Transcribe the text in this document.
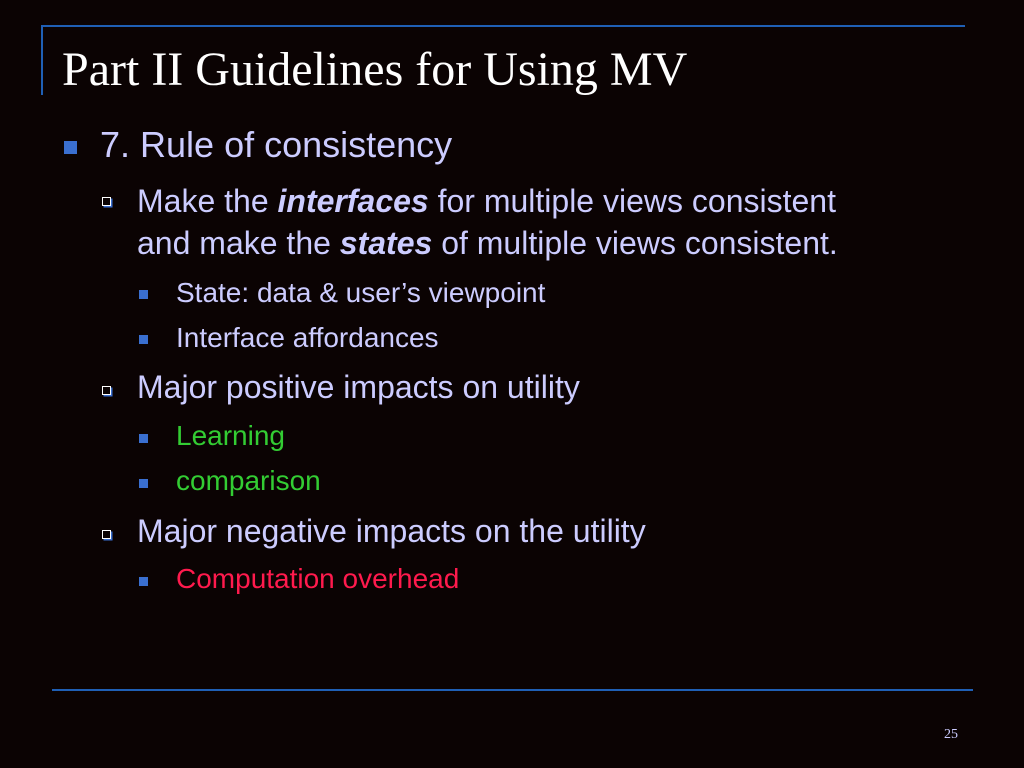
Part II Guidelines for Using MV
7. Rule of consistency
Make the interfaces for multiple views consistent
and make the states of multiple views consistent.
State: data & user’s viewpoint
Interface affordances
Major positive impacts on utility
Learning
comparison
Major negative impacts on the utility
Computation overhead
25
